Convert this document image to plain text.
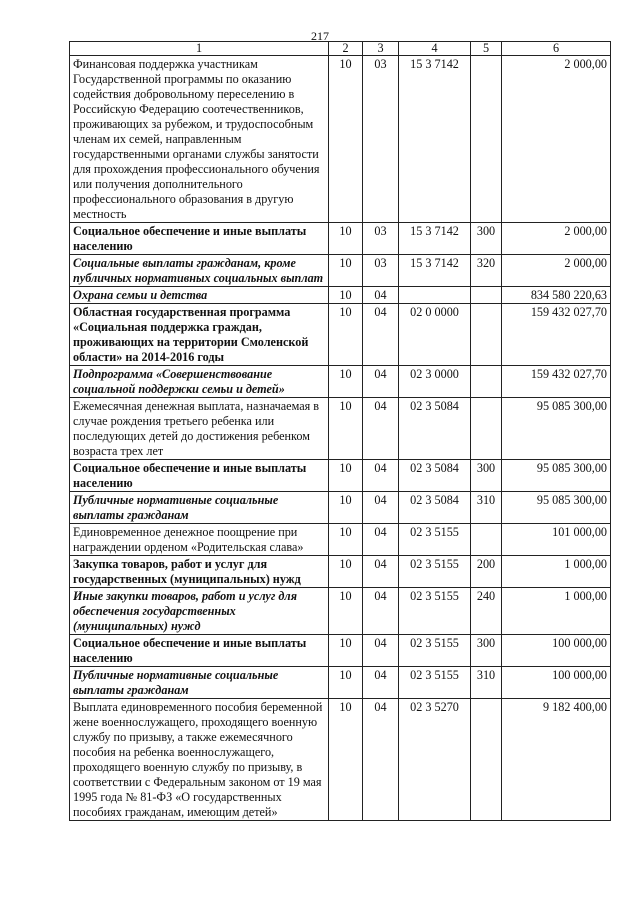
217
1	2	3	4	5	6
Финансовая поддержка участникам Государственной программы по оказанию содействия добровольному переселению в Российскую Федерацию соотечественников, проживающих за рубежом, и трудоспособным членам их семей, направленным государственными органами службы занятости для прохождения профессионального обучения или получения дополнительного профессионального образования в другую местность	10	03	15 3 7142		2 000,00
Социальное обеспечение и иные выплаты населению	10	03	15 3 7142	300	2 000,00
Социальные выплаты гражданам, кроме публичных нормативных социальных выплат	10	03	15 3 7142	320	2 000,00
Охрана семьи и детства	10	04			834 580 220,63
Областная государственная программа «Социальная поддержка граждан, проживающих на территории Смоленской области» на 2014-2016 годы	10	04	02 0 0000		159 432 027,70
Подпрограмма «Совершенствование социальной поддержки семьи и детей»	10	04	02 3 0000		159 432 027,70
Ежемесячная денежная выплата, назначаемая в случае рождения третьего ребенка или последующих детей до достижения ребенком возраста трех лет	10	04	02 3 5084		95 085 300,00
Социальное обеспечение и иные выплаты населению	10	04	02 3 5084	300	95 085 300,00
Публичные нормативные социальные выплаты гражданам	10	04	02 3 5084	310	95 085 300,00
Единовременное денежное поощрение при награждении орденом «Родительская слава»	10	04	02 3 5155		101 000,00
Закупка товаров, работ и услуг для государственных (муниципальных) нужд	10	04	02 3 5155	200	1 000,00
Иные закупки товаров, работ и услуг для обеспечения государственных (муниципальных) нужд	10	04	02 3 5155	240	1 000,00
Социальное обеспечение и иные выплаты населению	10	04	02 3 5155	300	100 000,00
Публичные нормативные социальные выплаты гражданам	10	04	02 3 5155	310	100 000,00
Выплата единовременного пособия беременной жене военнослужащего, проходящего военную службу по призыву, а также ежемесячного пособия на ребенка военнослужащего, проходящего военную службу по призыву, в соответствии с Федеральным законом от 19 мая 1995 года № 81-ФЗ «О государственных пособиях гражданам, имеющим детей»	10	04	02 3 5270		9 182 400,00
